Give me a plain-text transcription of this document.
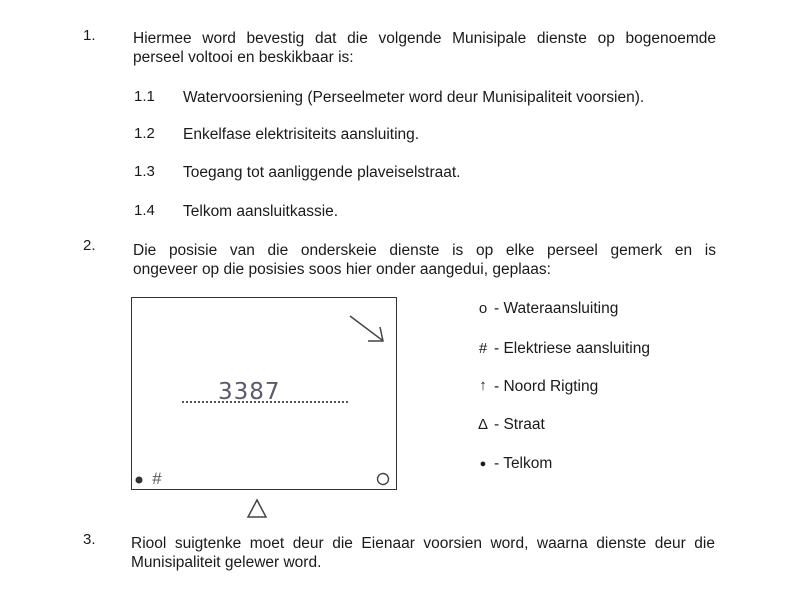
1. Hiermee word bevestig dat die volgende Munisipale dienste op bogenoemde
perseel voltooi en beskikbaar is:
1.1 Watervoorsiening (Perseelmeter word deur Munisipaliteit voorsien).
1.2 Enkelfase elektrisiteits aansluiting.
1.3 Toegang tot aanliggende plaveiselstraat.
1.4 Telkom aansluitkassie.
2. Die posisie van die onderskeie dienste is op elke perseel gemerk en is
ongeveer op die posisies soos hier onder aangedui, geplaas:
3387
#
o - Wateraansluiting
# - Elektriese aansluiting
↑ - Noord Rigting
Δ - Straat
● - Telkom
3. Riool suigtenke moet deur die Eienaar voorsien word, waarna dienste deur die
Munisipaliteit gelewer word.
